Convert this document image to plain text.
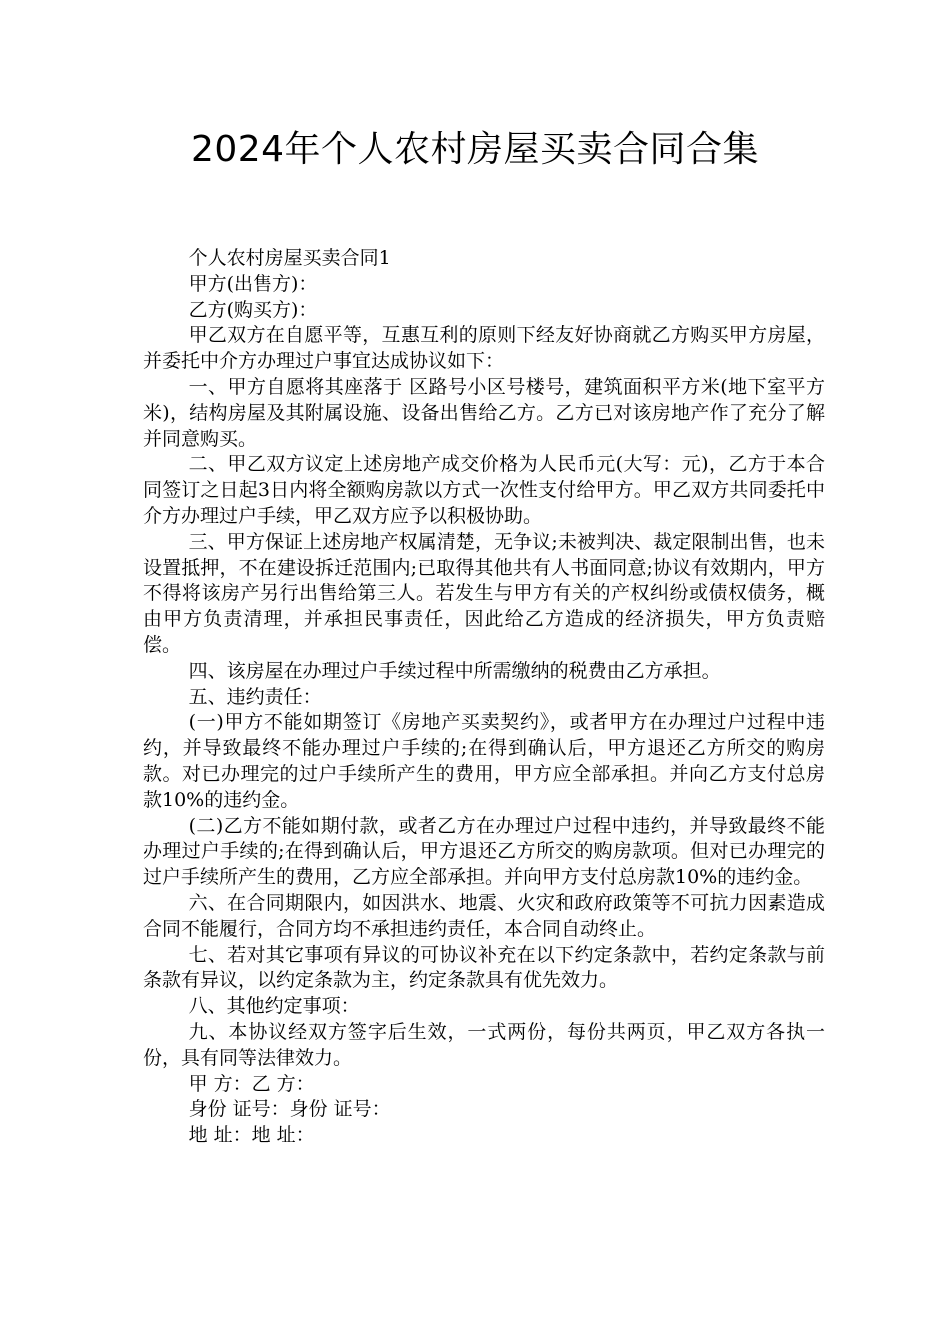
2024年个人农村房屋买卖合同合集

个人农村房屋买卖合同1

甲方(出售方)：

乙方(购买方)：

甲乙双方在自愿平等，互惠互利的原则下经友好协商就乙方购买甲方房屋，并委托中介方办理过户事宜达成协议如下：

一、甲方自愿将其座落于 区路号小区号楼号，建筑面积平方米(地下室平方米)，结构房屋及其附属设施、设备出售给乙方。乙方已对该房地产作了充分了解并同意购买。

二、甲乙双方议定上述房地产成交价格为人民币元(大写：元)，乙方于本合同签订之日起3日内将全额购房款以方式一次性支付给甲方。甲乙双方共同委托中介方办理过户手续，甲乙双方应予以积极协助。

三、甲方保证上述房地产权属清楚，无争议;未被判决、裁定限制出售，也未设置抵押，不在建设拆迁范围内;已取得其他共有人书面同意;协议有效期内，甲方不得将该房产另行出售给第三人。若发生与甲方有关的产权纠纷或债权债务，概由甲方负责清理，并承担民事责任，因此给乙方造成的经济损失，甲方负责赔偿。

四、该房屋在办理过户手续过程中所需缴纳的税费由乙方承担。

五、违约责任：

(一)甲方不能如期签订《房地产买卖契约》，或者甲方在办理过户过程中违约，并导致最终不能办理过户手续的;在得到确认后，甲方退还乙方所交的购房款。对已办理完的过户手续所产生的费用，甲方应全部承担。并向乙方支付总房款10%的违约金。

(二)乙方不能如期付款，或者乙方在办理过户过程中违约，并导致最终不能办理过户手续的;在得到确认后，甲方退还乙方所交的购房款项。但对已办理完的过户手续所产生的费用，乙方应全部承担。并向甲方支付总房款10%的违约金。

六、在合同期限内，如因洪水、地震、火灾和政府政策等不可抗力因素造成合同不能履行，合同方均不承担违约责任，本合同自动终止。

七、若对其它事项有异议的可协议补充在以下约定条款中，若约定条款与前条款有异议，以约定条款为主，约定条款具有优先效力。

八、其他约定事项：

九、本协议经双方签字后生效，一式两份，每份共两页，甲乙双方各执一份，具有同等法律效力。

甲 方：乙 方：

身份 证号：身份 证号：

地 址：地 址：
